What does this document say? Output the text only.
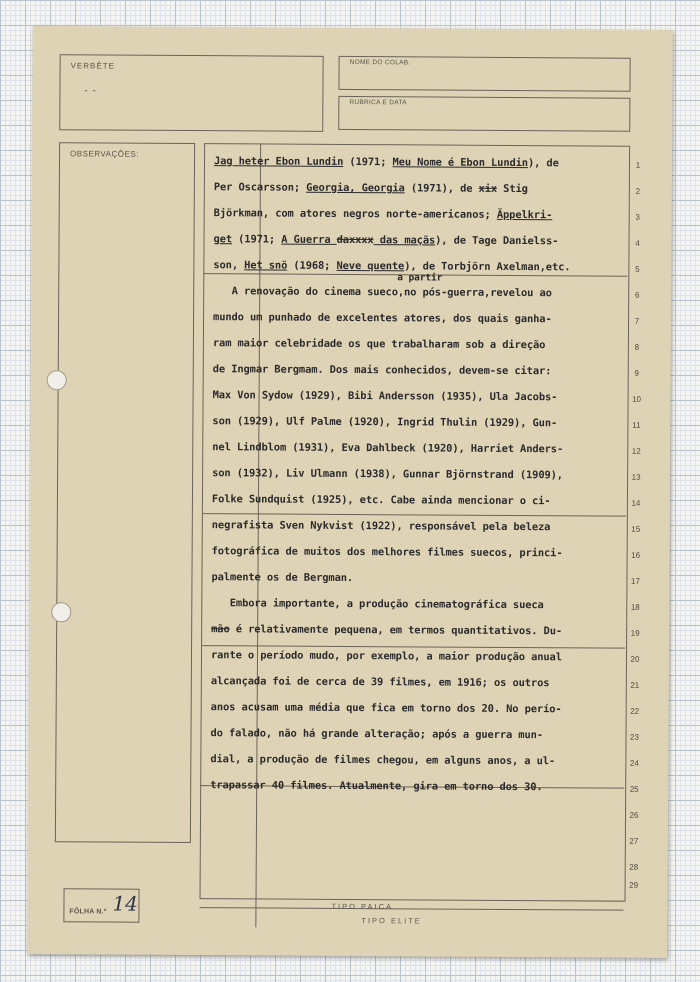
VERBÊTE
- -
NOME DO COLAB.
RUBRICA E DATA
OBSERVAÇÕES:
1
2
3
4
5
6
7
8
9
10
11
12
13
14
15
16
17
18
19
20
21
22
23
24
25
26
27
28
29
Jag heter Ebon Lundin (1971; Meu Nome é Ebon Lundin), de
Per Oscarsson; Georgia, Georgia (1971), de xix Stig
Björkman, com atores negros norte-americanos; Äppelkri-
get (1971; A Guerra daxxxx das maçãs), de Tage Danielss-
son, Het snö (1968; Neve quente), de Torbjörn Axelman,etc.
a partir
A renovação do cinema sueco,no pós-guerra,revelou ao
mundo um punhado de excelentes atores, dos quais ganha-
ram maior celebridade os que trabalharam sob a direção
de Ingmar Bergmam. Dos mais conhecidos, devem-se citar:
Max Von Sydow (1929), Bibi Andersson (1935), Ula Jacobs-
son (1929), Ulf Palme (1920), Ingrid Thulin (1929), Gun-
nel Lindblom (1931), Eva Dahlbeck (1920), Harriet Anders-
son (1932), Liv Ulmann (1938), Gunnar Björnstrand (1909),
Folke Sundquist (1925), etc. Cabe ainda mencionar o ci-
negrafista Sven Nykvist (1922), responsável pela beleza
fotográfica de muitos dos melhores filmes suecos, princi-
palmente os de Bergman.
Embora importante, a produção cinematográfica sueca
mão é relativamente pequena, em termos quantitativos. Du-
rante o período mudo, por exemplo, a maior produção anual
alcançada foi de cerca de 39 filmes, em 1916; os outros
anos acusam uma média que fica em torno dos 20. No perío-
do falado, não há grande alteração; após a guerra mun-
dial, a produção de filmes chegou, em alguns anos, a ul-
trapassar 40 filmes. Atualmente, gira em torno dos 30.
FÔLHA N.º 14	TIPO PAICA
TIPO ELITE
